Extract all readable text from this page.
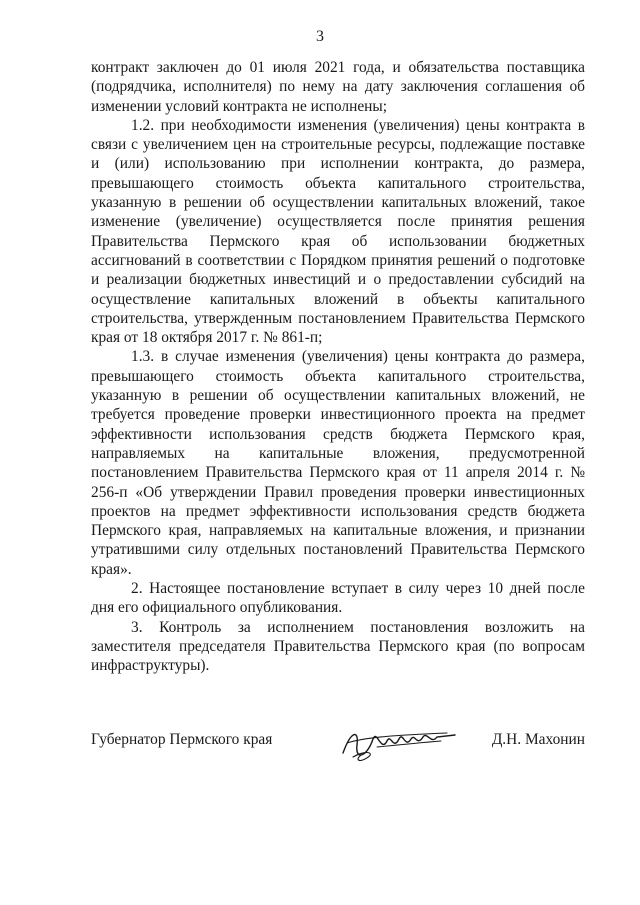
3

контракт заключен до 01 июля 2021 года, и обязательства поставщика (подрядчика, исполнителя) по нему на дату заключения соглашения об изменении условий контракта не исполнены;

1.2. при необходимости изменения (увеличения) цены контракта в связи с увеличением цен на строительные ресурсы, подлежащие поставке и (или) использованию при исполнении контракта, до размера, превышающего стоимость объекта капитального строительства, указанную в решении об осуществлении капитальных вложений, такое изменение (увеличение) осуществляется после принятия решения Правительства Пермского края об использовании бюджетных ассигнований в соответствии с Порядком принятия решений о подготовке и реализации бюджетных инвестиций и о предоставлении субсидий на осуществление капитальных вложений в объекты капитального строительства, утвержденным постановлением Правительства Пермского края от 18 октября 2017 г. № 861-п;

1.3. в случае изменения (увеличения) цены контракта до размера, превышающего стоимость объекта капитального строительства, указанную в решении об осуществлении капитальных вложений, не требуется проведение проверки инвестиционного проекта на предмет эффективности использования средств бюджета Пермского края, направляемых на капитальные вложения, предусмотренной постановлением Правительства Пермского края от 11 апреля 2014 г. № 256-п «Об утверждении Правил проведения проверки инвестиционных проектов на предмет эффективности использования средств бюджета Пермского края, направляемых на капитальные вложения, и признании утратившими силу отдельных постановлений Правительства Пермского края».

2. Настоящее постановление вступает в силу через 10 дней после дня его официального опубликования.

3. Контроль за исполнением постановления возложить на заместителя председателя Правительства Пермского края (по вопросам инфраструктуры).

Губернатор Пермского края	Д.Н. Махонин
